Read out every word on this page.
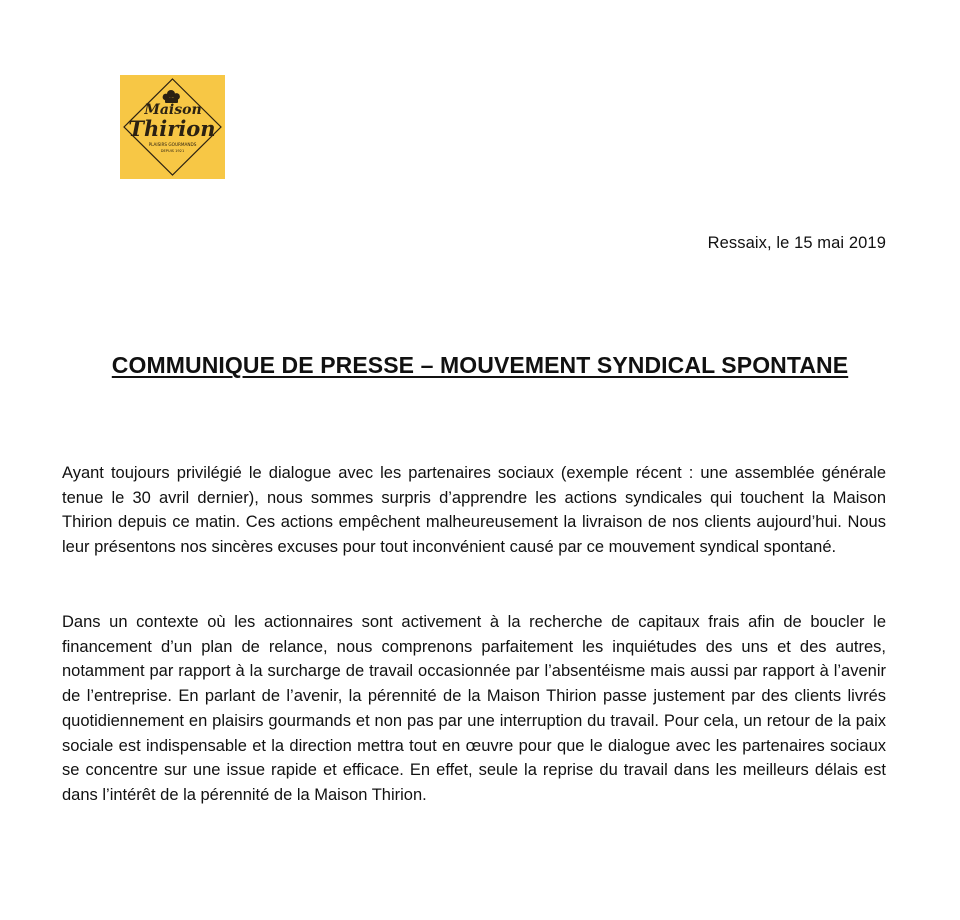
Maison
Thirion
PLAISIRS GOURMANDS
DEPUIS 1921
Ressaix, le 15 mai 2019
COMMUNIQUE DE PRESSE – MOUVEMENT SYNDICAL SPONTANE

Ayant toujours privilégié le dialogue avec les partenaires sociaux (exemple récent : une assemblée générale tenue le 30 avril dernier), nous sommes surpris d’apprendre les actions syndicales qui touchent la Maison Thirion depuis ce matin. Ces actions empêchent malheureusement la livraison de nos clients aujourd’hui. Nous leur présentons nos sincères excuses pour tout inconvénient causé par ce mouvement syndical spontané.

Dans un contexte où les actionnaires sont activement à la recherche de capitaux frais afin de boucler le financement d’un plan de relance, nous comprenons parfaitement les inquiétudes des uns et des autres, notamment par rapport à la surcharge de travail occasionnée par l’absentéisme mais aussi par rapport à l’avenir de l’entreprise. En parlant de l’avenir, la pérennité de la Maison Thirion passe justement par des clients livrés quotidiennement en plaisirs gourmands et non pas par une interruption du travail. Pour cela, un retour de la paix sociale est indispensable et la direction mettra tout en œuvre pour que le dialogue avec les partenaires sociaux se concentre sur une issue rapide et efficace. En effet, seule la reprise du travail dans les meilleurs délais est dans l’intérêt de la pérennité de la Maison Thirion.
